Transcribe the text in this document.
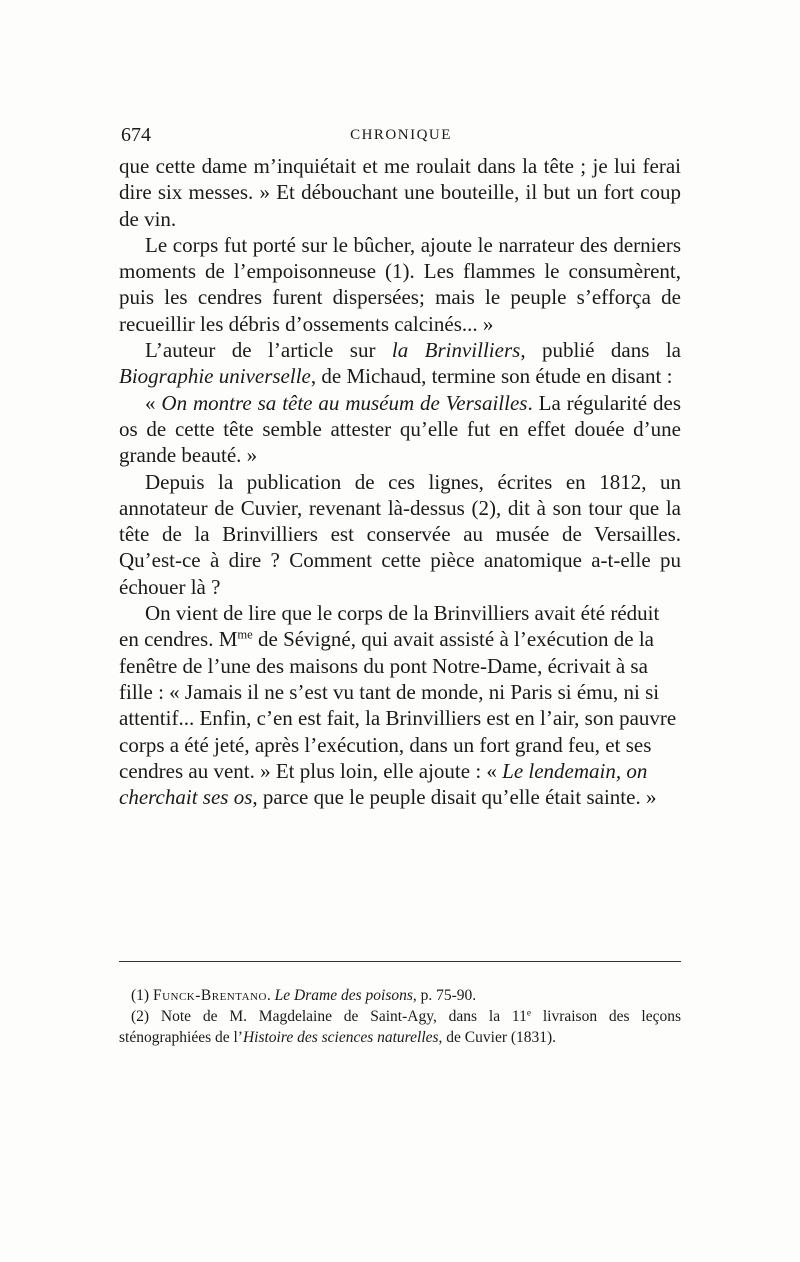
674	CHRONIQUE

que cette dame m’inquiétait et me roulait dans la tête ; je lui ferai dire six messes. » Et débouchant une bouteille, il but un fort coup de vin.

Le corps fut porté sur le bûcher, ajoute le narrateur des derniers moments de l’empoisonneuse (1). Les flammes le consumèrent, puis les cendres furent dispersées; mais le peuple s’efforça de recueillir les débris d’ossements calcinés... »

L’auteur de l’article sur la Brinvilliers, publié dans la Biographie universelle, de Michaud, termine son étude en disant :

« On montre sa tête au muséum de Versailles. La régularité des os de cette tête semble attester qu’elle fut en effet douée d’une grande beauté. »

Depuis la publication de ces lignes, écrites en 1812, un annotateur de Cuvier, revenant là-dessus (2), dit à son tour que la tête de la Brinvilliers est conservée au musée de Versailles. Qu’est-ce à dire ? Comment cette pièce anatomique a-t-elle pu échouer là ?

On vient de lire que le corps de la Brinvilliers avait été réduit en cendres. $M^{me}$ de Sévigné, qui avait assisté à l’exécution de la fenêtre de l’une des maisons du pont Notre-Dame, écrivait à sa fille : « Jamais il ne s’est vu tant de monde, ni Paris si ému, ni si attentif... Enfin, c’en est fait, la Brinvilliers est en l’air, son pauvre corps a été jeté, après l’exécution, dans un fort grand feu, et ses cendres au vent. » Et plus loin, elle ajoute : « Le lendemain, on cherchait ses os, parce que le peuple disait qu’elle était sainte. »

(1) Funck-Brentano. Le Drame des poisons, p. 75-90.

(2) Note de M. Magdelaine de Saint-Agy, dans la 11e livraison des leçons sténographiées de l’Histoire des sciences naturelles, de Cuvier (1831).
